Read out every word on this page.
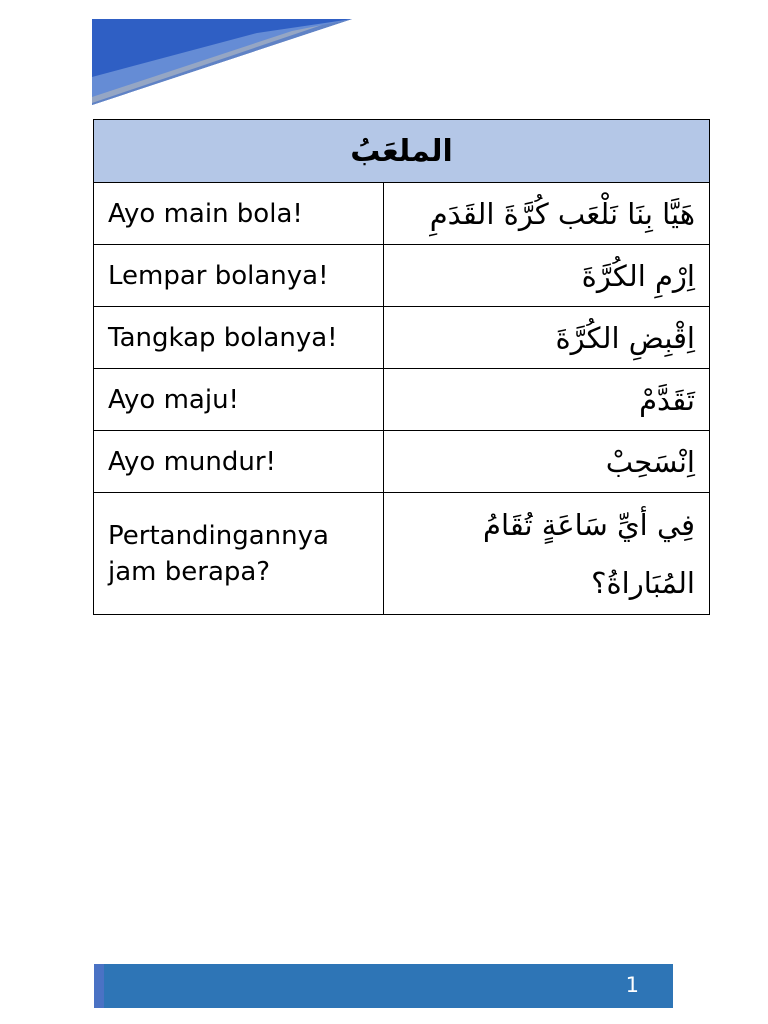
الملعَبُ	
Ayo main bola!	هَيَّا بِنَا نَلْعَب كُرَّةَ القَدَمِ
Lempar bolanya!	اِرْمِ الكُرَّةَ
Tangkap bolanya!	اِقْبِضِ الكُرَّةَ
Ayo maju!	تَقَدَّمْ
Ayo mundur!	اِنْسَحِبْ
Pertandingannya jam berapa?	فِي أيِّ سَاعَةٍ تُقَامُ المُبَاراةُ؟
1
